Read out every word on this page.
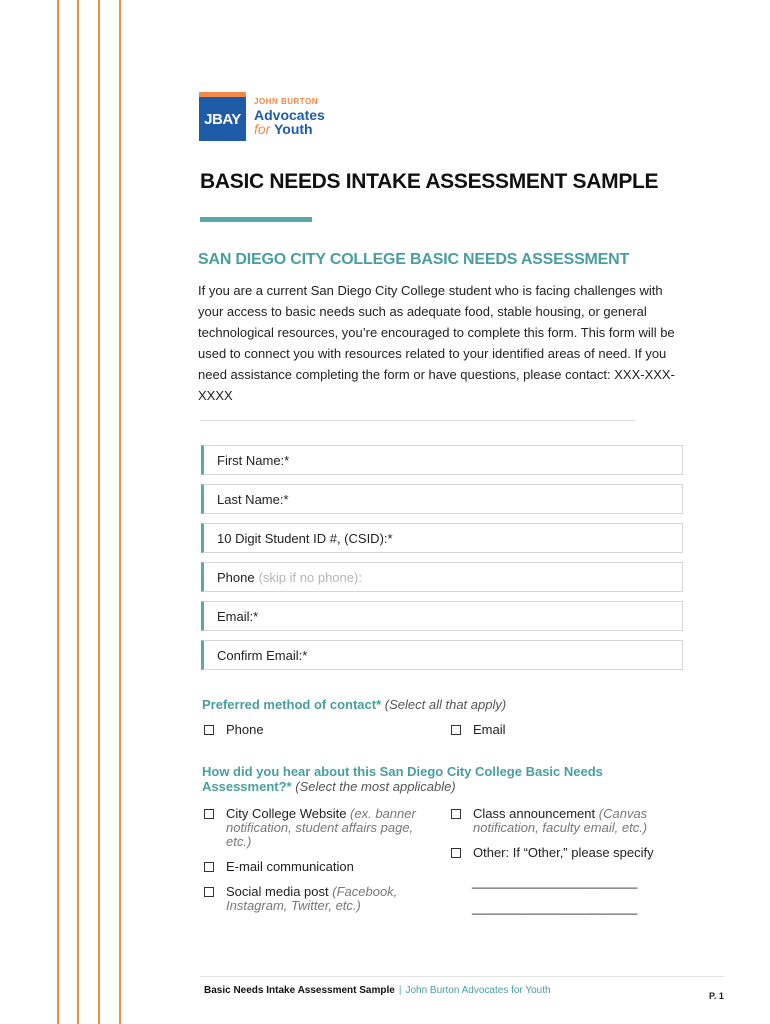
JBAY
JOHN BURTON
Advocates
for Youth
BASIC NEEDS INTAKE ASSESSMENT SAMPLE
SAN DIEGO CITY COLLEGE BASIC NEEDS ASSESSMENT

If you are a current San Diego City College student who is facing challenges with your access to basic needs such as adequate food, stable housing, or general technological resources, you’re encouraged to complete this form. This form will be used to connect you with resources related to your identified areas of need. If you need assistance completing the form or have questions, please contact: XXX-XXX-XXXX

First Name:*
Last Name:*
10 Digit Student ID #, (CSID):*
Phone (skip if no phone):
Email:*
Confirm Email:*
Preferred method of contact* (Select all that apply)
Phone	Email
How did you hear about this San Diego City College Basic Needs Assessment?* (Select the most applicable)
City College Website (ex. banner notification, student affairs page, etc.)
E-mail communication
Social media post (Facebook, Instagram, Twitter, etc.)
Class announcement (Canvas notification, faculty email, etc.)
Other: If “Other,” please specify
______________________
______________________
Basic Needs Intake Assessment Sample | John Burton Advocates for Youth	P. 1
